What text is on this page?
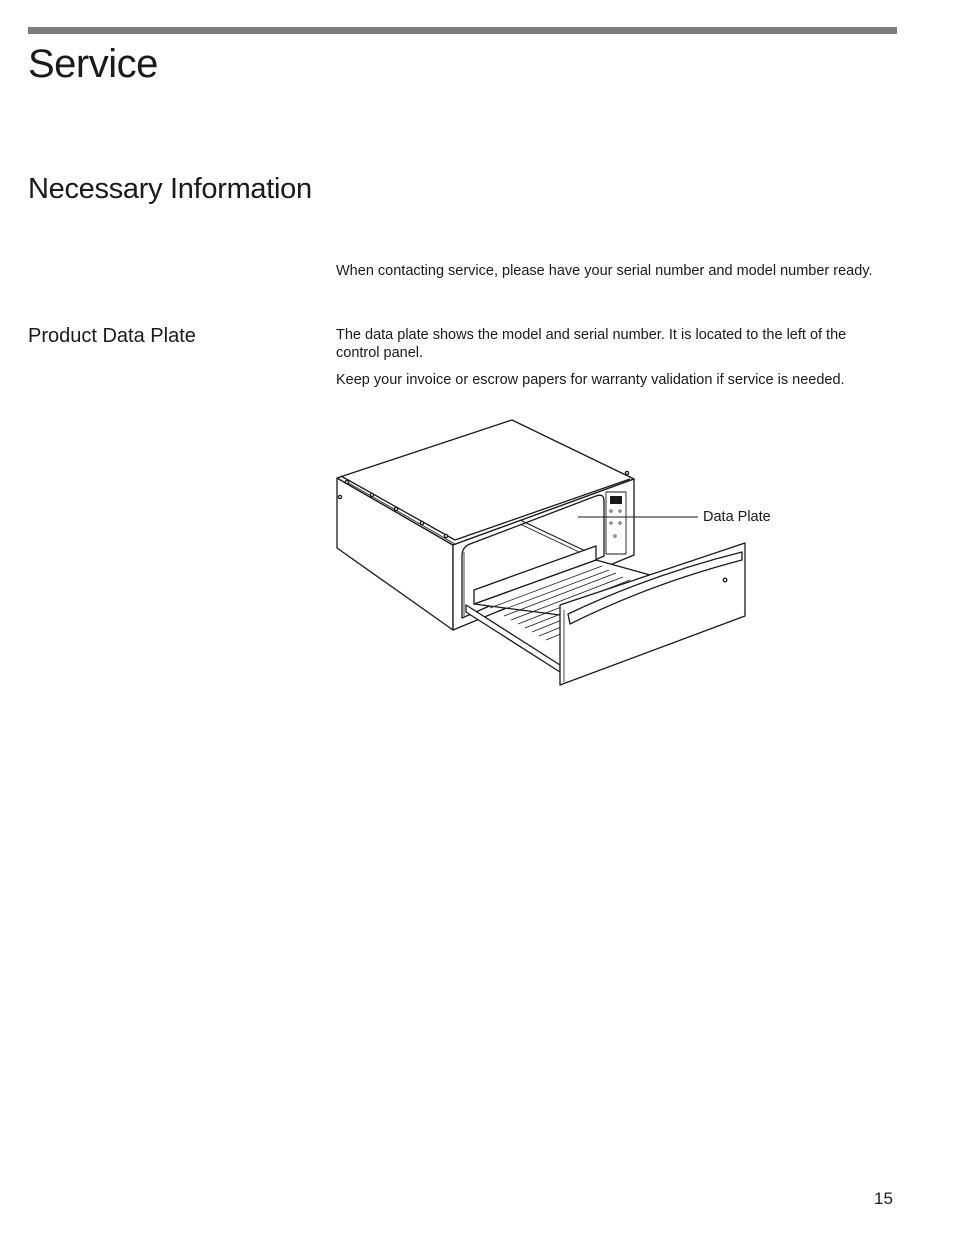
Service
Necessary Information

When contacting service, please have your serial number and model number ready.

Product Data Plate	The data plate shows the model and serial number. It is located to the left of the control panel.

Keep your invoice or escrow papers for warranty validation if service is needed.

Data Plate

15
